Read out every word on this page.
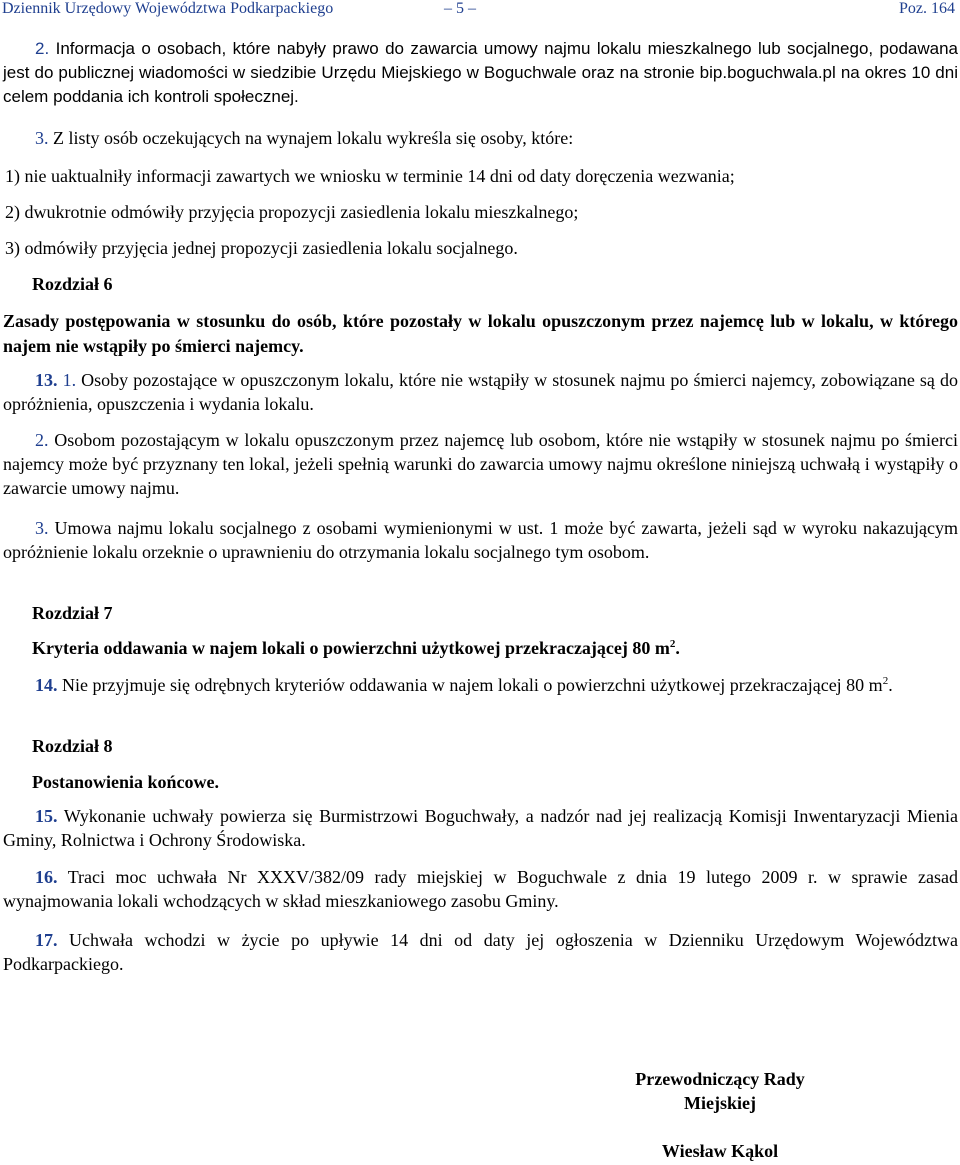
Dziennik Urzędowy Województwa Podkarpackiego	– 5 –	Poz. 164
2. Informacja o osobach, które nabyły prawo do zawarcia umowy najmu lokalu mieszkalnego lub socjalnego, podawana jest do publicznej wiadomości w siedzibie Urzędu Miejskiego w Boguchwale oraz na stronie bip.boguchwala.pl na okres 10 dni celem poddania ich kontroli społecznej.
3. Z listy osób oczekujących na wynajem lokalu wykreśla się osoby, które:
1) nie uaktualniły informacji zawartych we wniosku w terminie 14 dni od daty doręczenia wezwania;
2) dwukrotnie odmówiły przyjęcia propozycji zasiedlenia lokalu mieszkalnego;
3) odmówiły przyjęcia jednej propozycji zasiedlenia lokalu socjalnego.
Rozdział 6
Zasady postępowania w stosunku do osób, które pozostały w lokalu opuszczonym przez najemcę lub w lokalu, w którego najem nie wstąpiły po śmierci najemcy.
13. 1. Osoby pozostające w opuszczonym lokalu, które nie wstąpiły w stosunek najmu po śmierci najemcy, zobowiązane są do opróżnienia, opuszczenia i wydania lokalu.
2. Osobom pozostającym w lokalu opuszczonym przez najemcę lub osobom, które nie wstąpiły w stosunek najmu po śmierci najemcy może być przyznany ten lokal, jeżeli spełnią warunki do zawarcia umowy najmu określone niniejszą uchwałą i wystąpiły o zawarcie umowy najmu.
3. Umowa najmu lokalu socjalnego z osobami wymienionymi w ust. 1 może być zawarta, jeżeli sąd w wyroku nakazującym opróżnienie lokalu orzeknie o uprawnieniu do otrzymania lokalu socjalnego tym osobom.
Rozdział 7
Kryteria oddawania w najem lokali o powierzchni użytkowej przekraczającej 80 $m^2$.
14. Nie przyjmuje się odrębnych kryteriów oddawania w najem lokali o powierzchni użytkowej przekraczającej 80 $m^2$.
Rozdział 8
Postanowienia końcowe.
15. Wykonanie uchwały powierza się Burmistrzowi Boguchwały, a nadzór nad jej realizacją Komisji Inwentaryzacji Mienia Gminy, Rolnictwa i Ochrony Środowiska.
16. Traci moc uchwała Nr XXXV/382/09 rady miejskiej w Boguchwale z dnia 19 lutego 2009 r. w sprawie zasad wynajmowania lokali wchodzących w skład mieszkaniowego zasobu Gminy.
17. Uchwała wchodzi w życie po upływie 14 dni od daty jej ogłoszenia w Dzienniku Urzędowym Województwa Podkarpackiego.
Przewodniczący Rady
Miejskiej
Wiesław Kąkol
